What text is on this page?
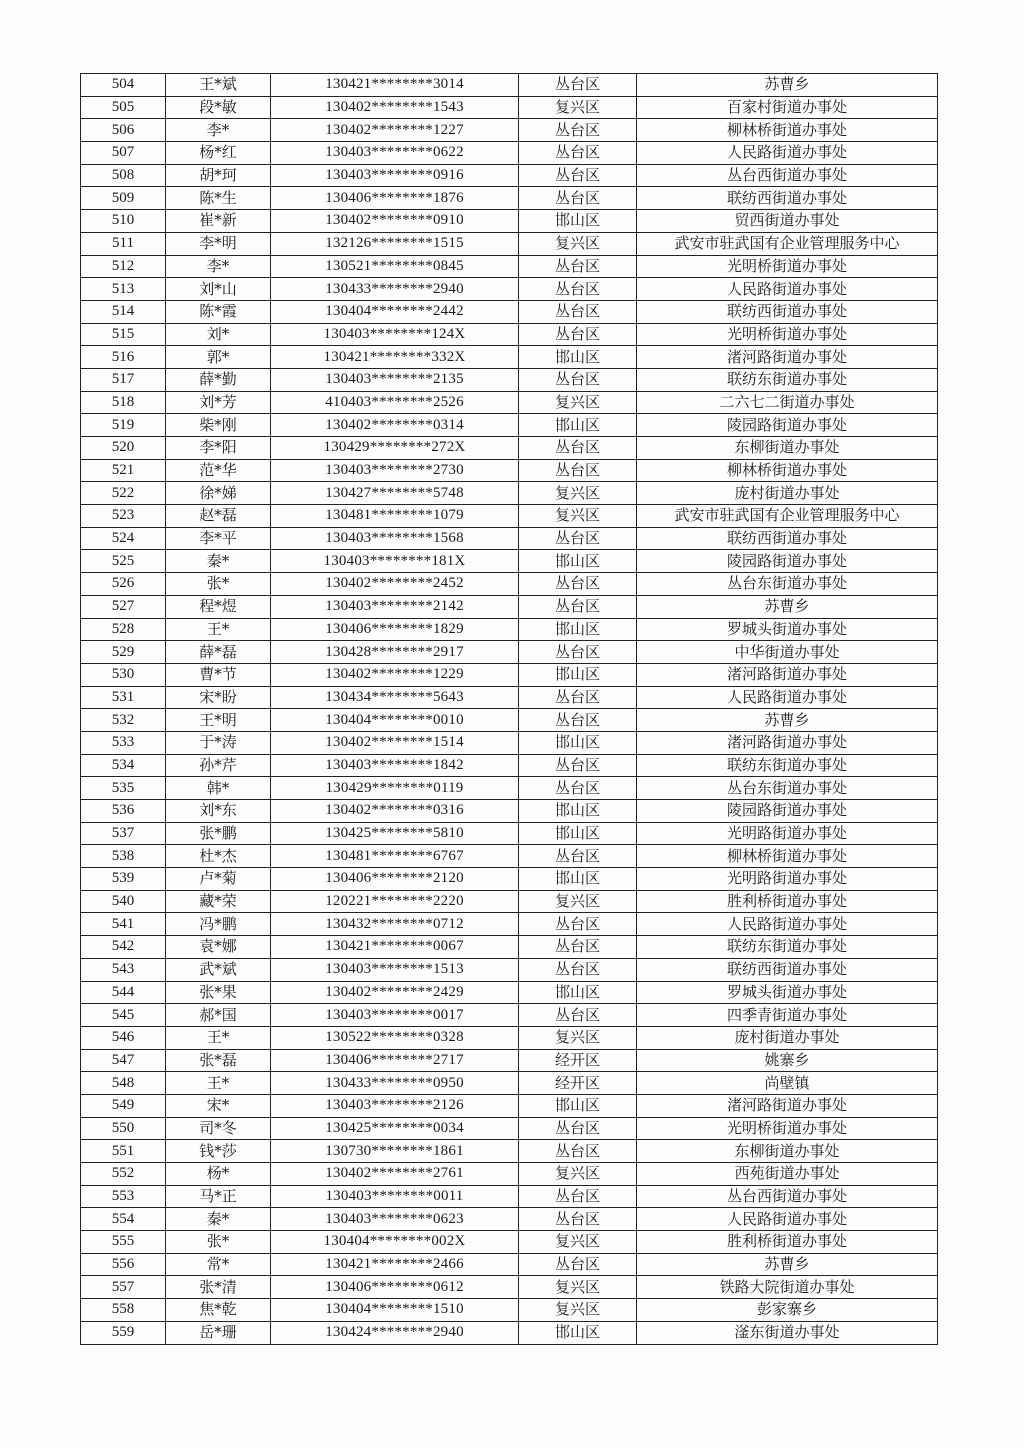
504	王*斌	130421********3014	丛台区	苏曹乡
505	段*敏	130402********1543	复兴区	百家村街道办事处
506	李*	130402********1227	丛台区	柳林桥街道办事处
507	杨*红	130403********0622	丛台区	人民路街道办事处
508	胡*珂	130403********0916	丛台区	丛台西街道办事处
509	陈*生	130406********1876	丛台区	联纺西街道办事处
510	崔*新	130402********0910	邯山区	贸西街道办事处
511	李*明	132126********1515	复兴区	武安市驻武国有企业管理服务中心
512	李*	130521********0845	丛台区	光明桥街道办事处
513	刘*山	130433********2940	丛台区	人民路街道办事处
514	陈*霞	130404********2442	丛台区	联纺西街道办事处
515	刘*	130403********124X	丛台区	光明桥街道办事处
516	郭*	130421********332X	邯山区	渚河路街道办事处
517	薛*勤	130403********2135	丛台区	联纺东街道办事处
518	刘*芳	410403********2526	复兴区	二六七二街道办事处
519	柴*刚	130402********0314	邯山区	陵园路街道办事处
520	李*阳	130429********272X	丛台区	东柳街道办事处
521	范*华	130403********2730	丛台区	柳林桥街道办事处
522	徐*娣	130427********5748	复兴区	庞村街道办事处
523	赵*磊	130481********1079	复兴区	武安市驻武国有企业管理服务中心
524	李*平	130403********1568	丛台区	联纺西街道办事处
525	秦*	130403********181X	邯山区	陵园路街道办事处
526	张*	130402********2452	丛台区	丛台东街道办事处
527	程*煜	130403********2142	丛台区	苏曹乡
528	王*	130406********1829	邯山区	罗城头街道办事处
529	薛*磊	130428********2917	丛台区	中华街道办事处
530	曹*节	130402********1229	邯山区	渚河路街道办事处
531	宋*盼	130434********5643	丛台区	人民路街道办事处
532	王*明	130404********0010	丛台区	苏曹乡
533	于*涛	130402********1514	邯山区	渚河路街道办事处
534	孙*芹	130403********1842	丛台区	联纺东街道办事处
535	韩*	130429********0119	丛台区	丛台东街道办事处
536	刘*东	130402********0316	邯山区	陵园路街道办事处
537	张*鹏	130425********5810	邯山区	光明路街道办事处
538	杜*杰	130481********6767	丛台区	柳林桥街道办事处
539	卢*菊	130406********2120	邯山区	光明路街道办事处
540	藏*荣	120221********2220	复兴区	胜利桥街道办事处
541	冯*鹏	130432********0712	丛台区	人民路街道办事处
542	袁*娜	130421********0067	丛台区	联纺东街道办事处
543	武*斌	130403********1513	丛台区	联纺西街道办事处
544	张*果	130402********2429	邯山区	罗城头街道办事处
545	郝*国	130403********0017	丛台区	四季青街道办事处
546	王*	130522********0328	复兴区	庞村街道办事处
547	张*磊	130406********2717	经开区	姚寨乡
548	王*	130433********0950	经开区	尚壁镇
549	宋*	130403********2126	邯山区	渚河路街道办事处
550	司*冬	130425********0034	丛台区	光明桥街道办事处
551	钱*莎	130730********1861	丛台区	东柳街道办事处
552	杨*	130402********2761	复兴区	西苑街道办事处
553	马*正	130403********0011	丛台区	丛台西街道办事处
554	秦*	130403********0623	丛台区	人民路街道办事处
555	张*	130404********002X	复兴区	胜利桥街道办事处
556	常*	130421********2466	丛台区	苏曹乡
557	张*清	130406********0612	复兴区	铁路大院街道办事处
558	焦*乾	130404********1510	复兴区	彭家寨乡
559	岳*珊	130424********2940	邯山区	滏东街道办事处
